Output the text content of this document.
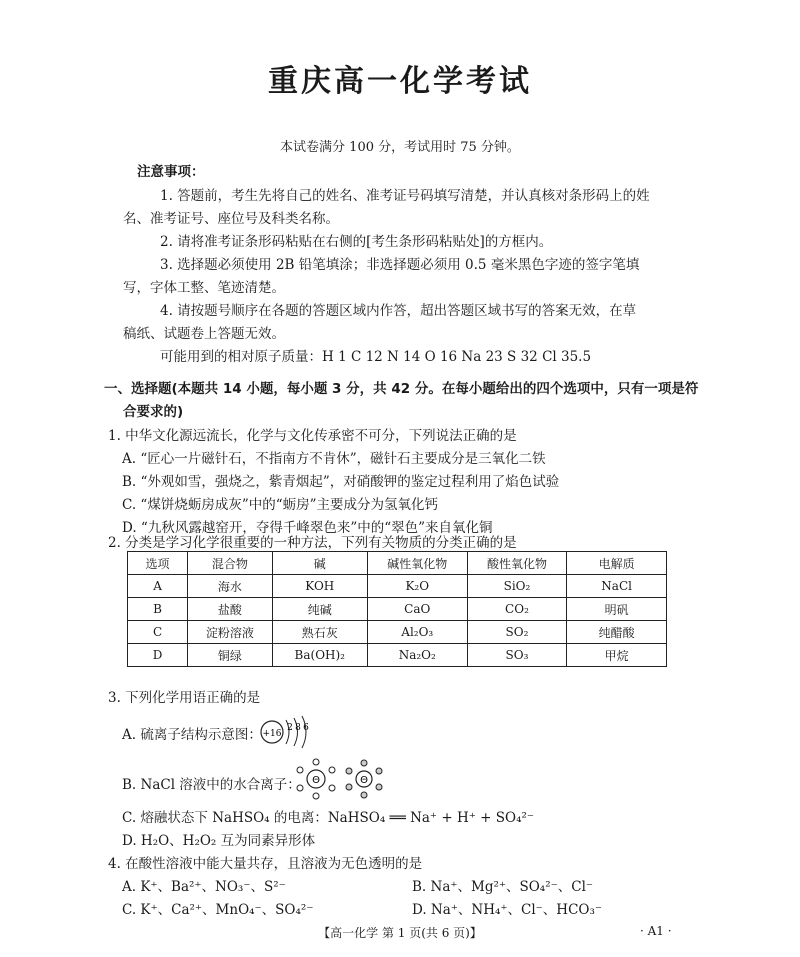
重庆高一化学考试
本试卷满分 100 分，考试用时 75 分钟。
注意事项：
1. 答题前，考生先将自己的姓名、准考证号码填写清楚，并认真核对条形码上的姓
名、准考证号、座位号及科类名称。
2. 请将准考证条形码粘贴在右侧的[考生条形码粘贴处]的方框内。
3. 选择题必须使用 2B 铅笔填涂；非选择题必须用 0.5 毫米黑色字迹的签字笔填
写，字体工整、笔迹清楚。
4. 请按题号顺序在各题的答题区域内作答，超出答题区域书写的答案无效，在草
稿纸、试题卷上答题无效。
可能用到的相对原子质量：H 1 C 12 N 14 O 16 Na 23 S 32 Cl 35.5
一、选择题(本题共 14 小题，每小题 3 分，共 42 分。在每小题给出的四个选项中，只有一项是符
合要求的)
1. 中华文化源远流长，化学与文化传承密不可分，下列说法正确的是
A. “匠心一片磁针石，不指南方不肯休”，磁针石主要成分是三氧化二铁
B. “外观如雪，强烧之，紫青烟起”，对硝酸钾的鉴定过程利用了焰色试验
C. “煤饼烧蛎房成灰”中的“蛎房”主要成分为氢氧化钙
D. “九秋风露越窑开，夺得千峰翠色来”中的“翠色”来自氧化铜
2. 分类是学习化学很重要的一种方法，下列有关物质的分类正确的是
选项	混合物	碱	碱性氧化物	酸性氧化物	电解质
A	海水	KOH	K₂O	SiO₂	NaCl
B	盐酸	纯碱	CaO	CO₂	明矾
C	淀粉溶液	熟石灰	Al₂O₃	SO₂	纯醋酸
D	铜绿	Ba(OH)₂	Na₂O₂	SO₃	甲烷
3. 下列化学用语正确的是
A. 硫离子结构示意图： +16
2 8 6
B. NaCl 溶液中的水合离子： Θ	Θ
C. 熔融状态下 NaHSO₄ 的电离：NaHSO₄ ══ Na⁺ + H⁺ + SO₄²⁻
D. H₂O、H₂O₂ 互为同素异形体
4. 在酸性溶液中能大量共存，且溶液为无色透明的是
A. K⁺、Ba²⁺、NO₃⁻、S²⁻	B. Na⁺、Mg²⁺、SO₄²⁻、Cl⁻
C. K⁺、Ca²⁺、MnO₄⁻、SO₄²⁻	D. Na⁺、NH₄⁺、Cl⁻、HCO₃⁻
【高一化学 第 1 页(共 6 页)】	· A1 ·
